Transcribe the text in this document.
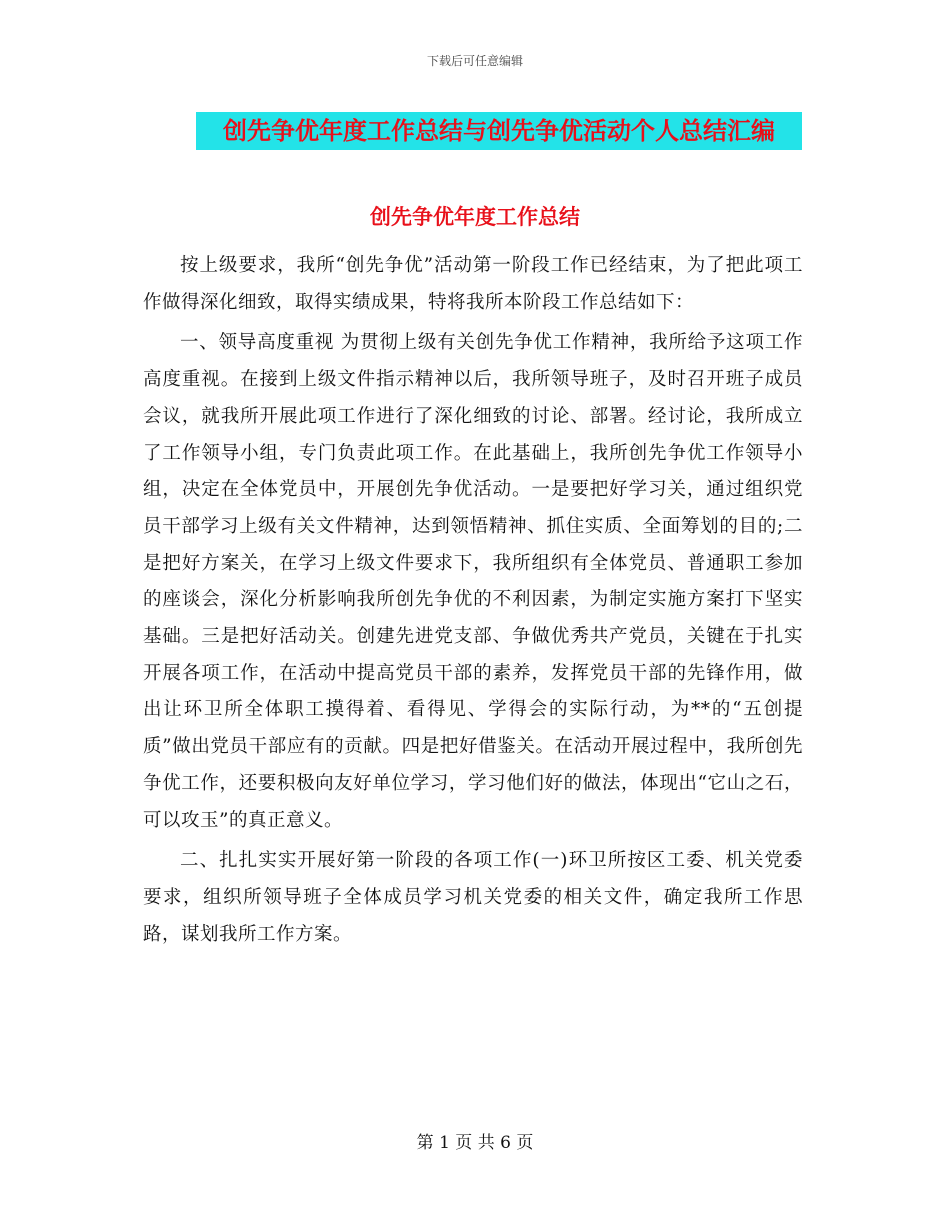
下载后可任意编辑
创先争优年度工作总结与创先争优活动个人总结汇编
创先争优年度工作总结

按上级要求，我所“创先争优”活动第一阶段工作已经结束，为了把此项工作做得深化细致，取得实绩成果，特将我所本阶段工作总结如下：

一、领导高度重视 为贯彻上级有关创先争优工作精神，我所给予这项工作高度重视。在接到上级文件指示精神以后，我所领导班子，及时召开班子成员会议，就我所开展此项工作进行了深化细致的讨论、部署。经讨论，我所成立了工作领导小组，专门负责此项工作。在此基础上，我所创先争优工作领导小组，决定在全体党员中，开展创先争优活动。一是要把好学习关，通过组织党员干部学习上级有关文件精神，达到领悟精神、抓住实质、全面筹划的目的;二是把好方案关，在学习上级文件要求下，我所组织有全体党员、普通职工参加的座谈会，深化分析影响我所创先争优的不利因素，为制定实施方案打下坚实基础。三是把好活动关。创建先进党支部、争做优秀共产党员，关键在于扎实开展各项工作，在活动中提高党员干部的素养，发挥党员干部的先锋作用，做出让环卫所全体职工摸得着、看得见、学得会的实际行动，为**的“五创提质”做出党员干部应有的贡献。四是把好借鉴关。在活动开展过程中，我所创先争优工作，还要积极向友好单位学习，学习他们好的做法，体现出“它山之石，可以攻玉”的真正意义。

二、扎扎实实开展好第一阶段的各项工作(一)环卫所按区工委、机关党委要求，组织所领导班子全体成员学习机关党委的相关文件，确定我所工作思路，谋划我所工作方案。

第 1 页 共 6 页
